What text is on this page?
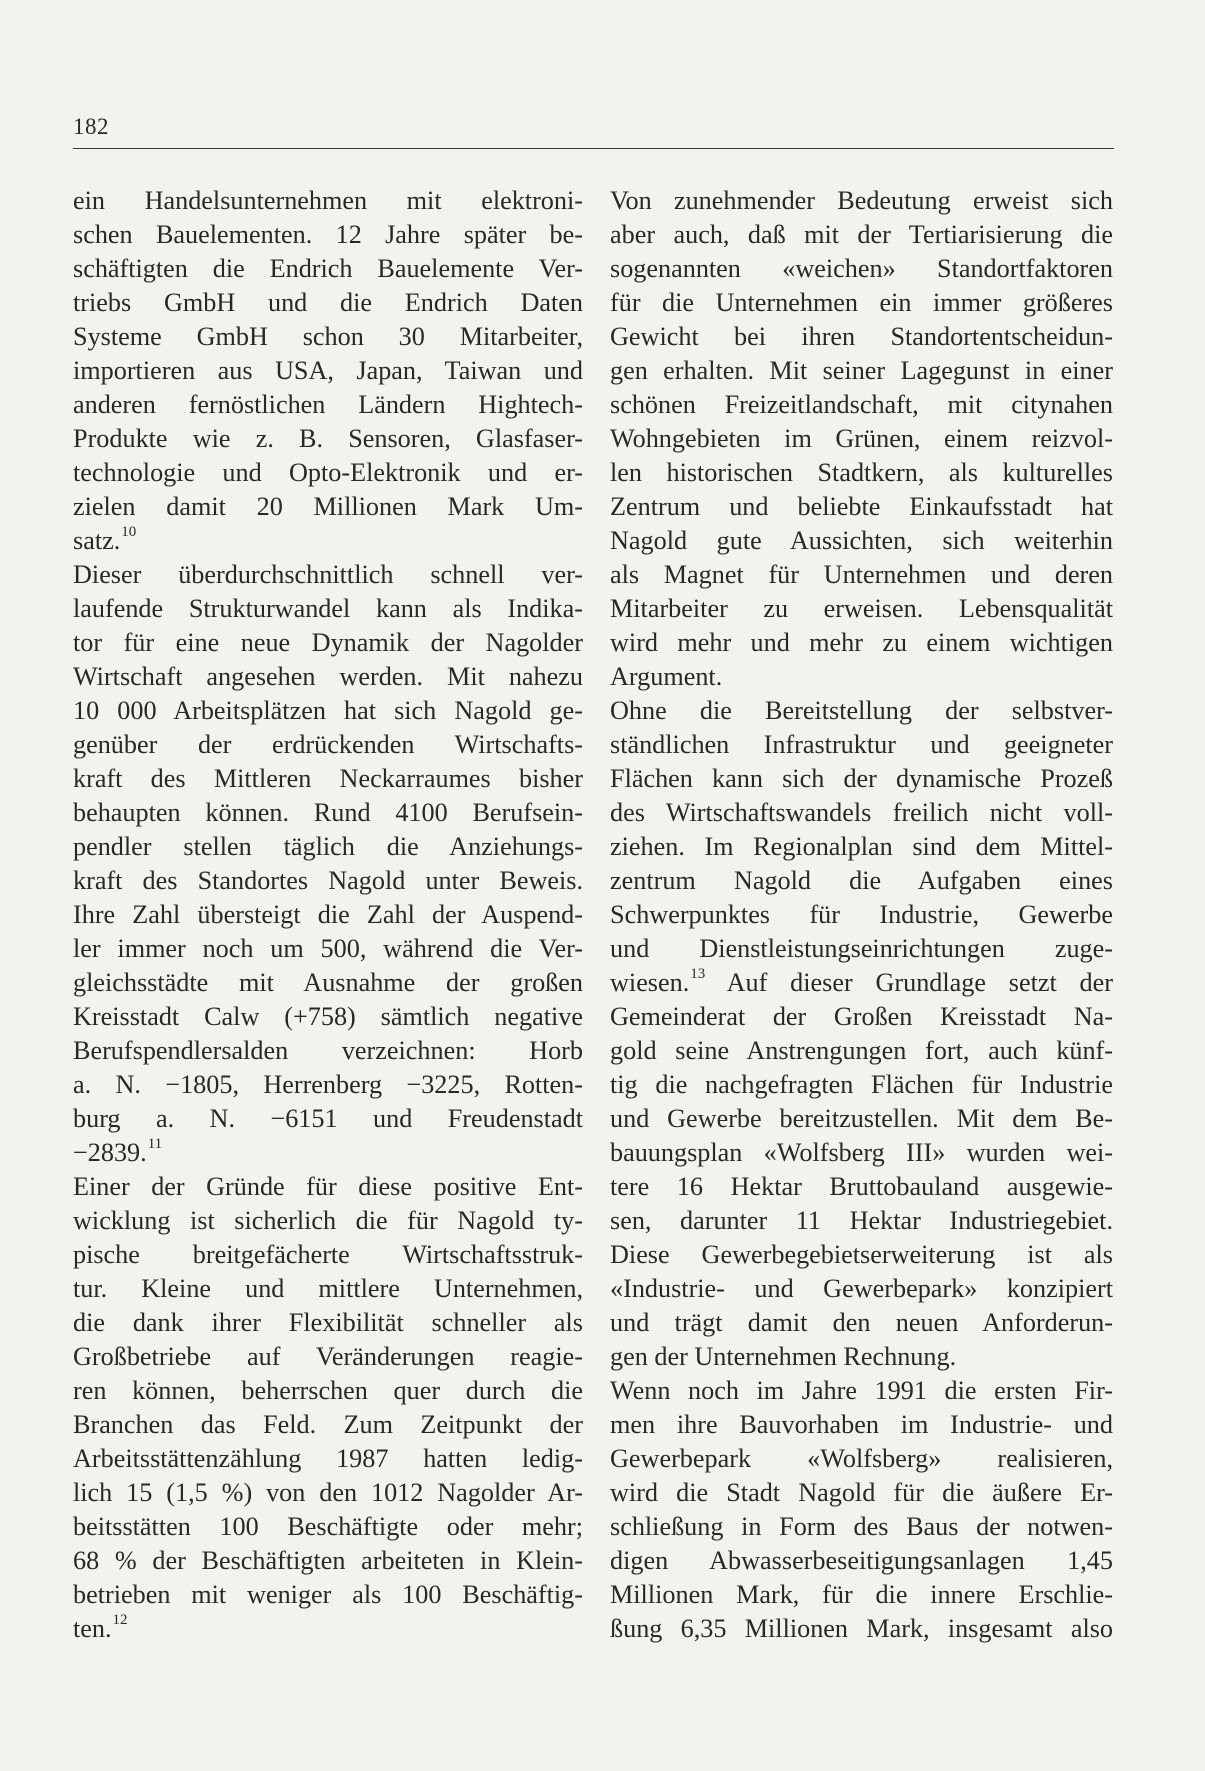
182
ein Handelsunternehmen mit elektroni-
schen Bauelementen. 12 Jahre später be-
schäftigten die Endrich Bauelemente Ver-
triebs GmbH und die Endrich Daten
Systeme GmbH schon 30 Mitarbeiter,
importieren aus USA, Japan, Taiwan und
anderen fernöstlichen Ländern Hightech-
Produkte wie z. B. Sensoren, Glasfaser-
technologie und Opto-Elektronik und er-
zielen damit 20 Millionen Mark Um-
satz.$^{10}$
Dieser überdurchschnittlich schnell ver-
laufende Strukturwandel kann als Indika-
tor für eine neue Dynamik der Nagolder
Wirtschaft angesehen werden. Mit nahezu
10 000 Arbeitsplätzen hat sich Nagold ge-
genüber der erdrückenden Wirtschafts-
kraft des Mittleren Neckarraumes bisher
behaupten können. Rund 4100 Berufsein-
pendler stellen täglich die Anziehungs-
kraft des Standortes Nagold unter Beweis.
Ihre Zahl übersteigt die Zahl der Auspend-
ler immer noch um 500, während die Ver-
gleichsstädte mit Ausnahme der großen
Kreisstadt Calw (+758) sämtlich negative
Berufspendlersalden verzeichnen: Horb
a. N. −1805, Herrenberg −3225, Rotten-
burg a. N. −6151 und Freudenstadt
−2839.11
Einer der Gründe für diese positive Ent-
wicklung ist sicherlich die für Nagold ty-
pische breitgefächerte Wirtschaftsstruk-
tur. Kleine und mittlere Unternehmen,
die dank ihrer Flexibilität schneller als
Großbetriebe auf Veränderungen reagie-
ren können, beherrschen quer durch die
Branchen das Feld. Zum Zeitpunkt der
Arbeitsstättenzählung 1987 hatten ledig-
lich 15 (1,5 %) von den 1012 Nagolder Ar-
beitsstätten 100 Beschäftigte oder mehr;
68 % der Beschäftigten arbeiteten in Klein-
betrieben mit weniger als 100 Beschäftig-
ten.$^{12}$
Von zunehmender Bedeutung erweist sich
aber auch, daß mit der Tertiarisierung die
sogenannten «weichen» Standortfaktoren
für die Unternehmen ein immer größeres
Gewicht bei ihren Standortentscheidun-
gen erhalten. Mit seiner Lagegunst in einer
schönen Freizeitlandschaft, mit citynahen
Wohngebieten im Grünen, einem reizvol-
len historischen Stadtkern, als kulturelles
Zentrum und beliebte Einkaufsstadt hat
Nagold gute Aussichten, sich weiterhin
als Magnet für Unternehmen und deren
Mitarbeiter zu erweisen. Lebensqualität
wird mehr und mehr zu einem wichtigen
Argument.
Ohne die Bereitstellung der selbstver-
ständlichen Infrastruktur und geeigneter
Flächen kann sich der dynamische Prozeß
des Wirtschaftswandels freilich nicht voll-
ziehen. Im Regionalplan sind dem Mittel-
zentrum Nagold die Aufgaben eines
Schwerpunktes für Industrie, Gewerbe
und Dienstleistungseinrichtungen zuge-
wiesen.$^{13}$ Auf dieser Grundlage setzt der
Gemeinderat der Großen Kreisstadt Na-
gold seine Anstrengungen fort, auch künf-
tig die nachgefragten Flächen für Industrie
und Gewerbe bereitzustellen. Mit dem Be-
bauungsplan «Wolfsberg III» wurden wei-
tere 16 Hektar Bruttobauland ausgewie-
sen, darunter 11 Hektar Industriegebiet.
Diese Gewerbegebietserweiterung ist als
«Industrie- und Gewerbepark» konzipiert
und trägt damit den neuen Anforderun-
gen der Unternehmen Rechnung.
Wenn noch im Jahre 1991 die ersten Fir-
men ihre Bauvorhaben im Industrie- und
Gewerbepark «Wolfsberg» realisieren,
wird die Stadt Nagold für die äußere Er-
schließung in Form des Baus der notwen-
digen Abwasserbeseitigungsanlagen 1,45
Millionen Mark, für die innere Erschlie-
ßung 6,35 Millionen Mark, insgesamt also
